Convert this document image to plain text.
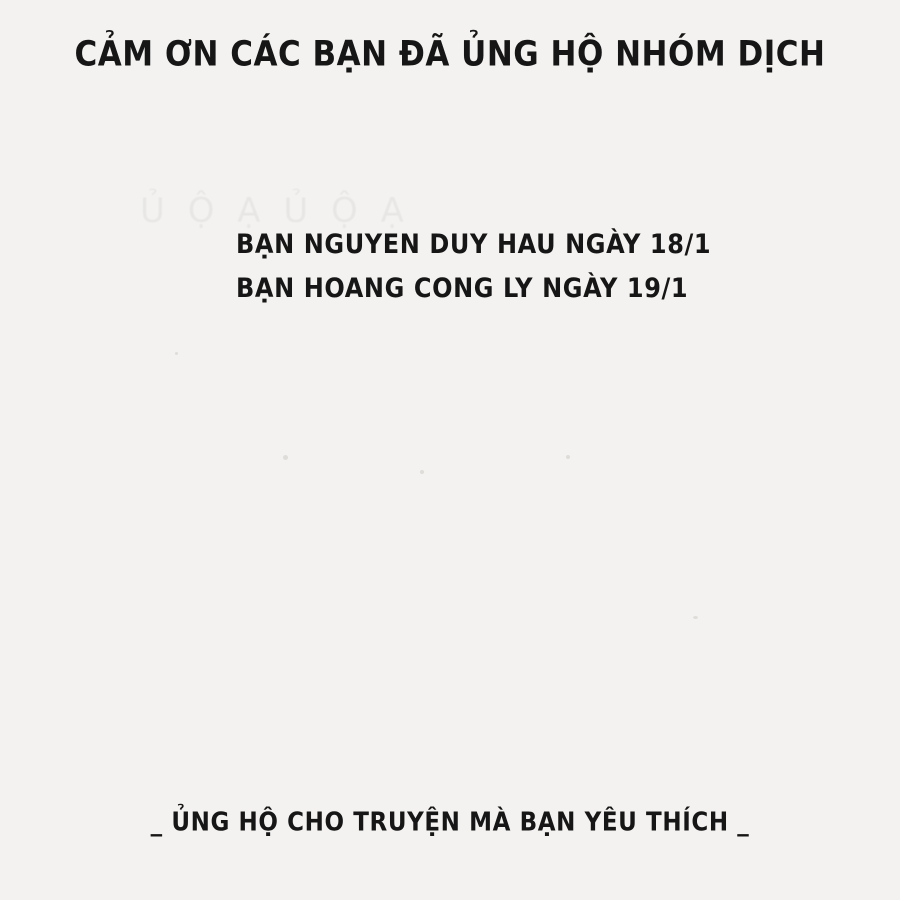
CẢM ƠN CÁC BẠN ĐÃ ỦNG HỘ NHÓM DỊCH
BẠN NGUYEN DUY HAU NGÀY 18/1
BẠN HOANG CONG LY NGÀY 19/1
_ ỦNG HỘ CHO TRUYỆN MÀ BẠN YÊU THÍCH _
